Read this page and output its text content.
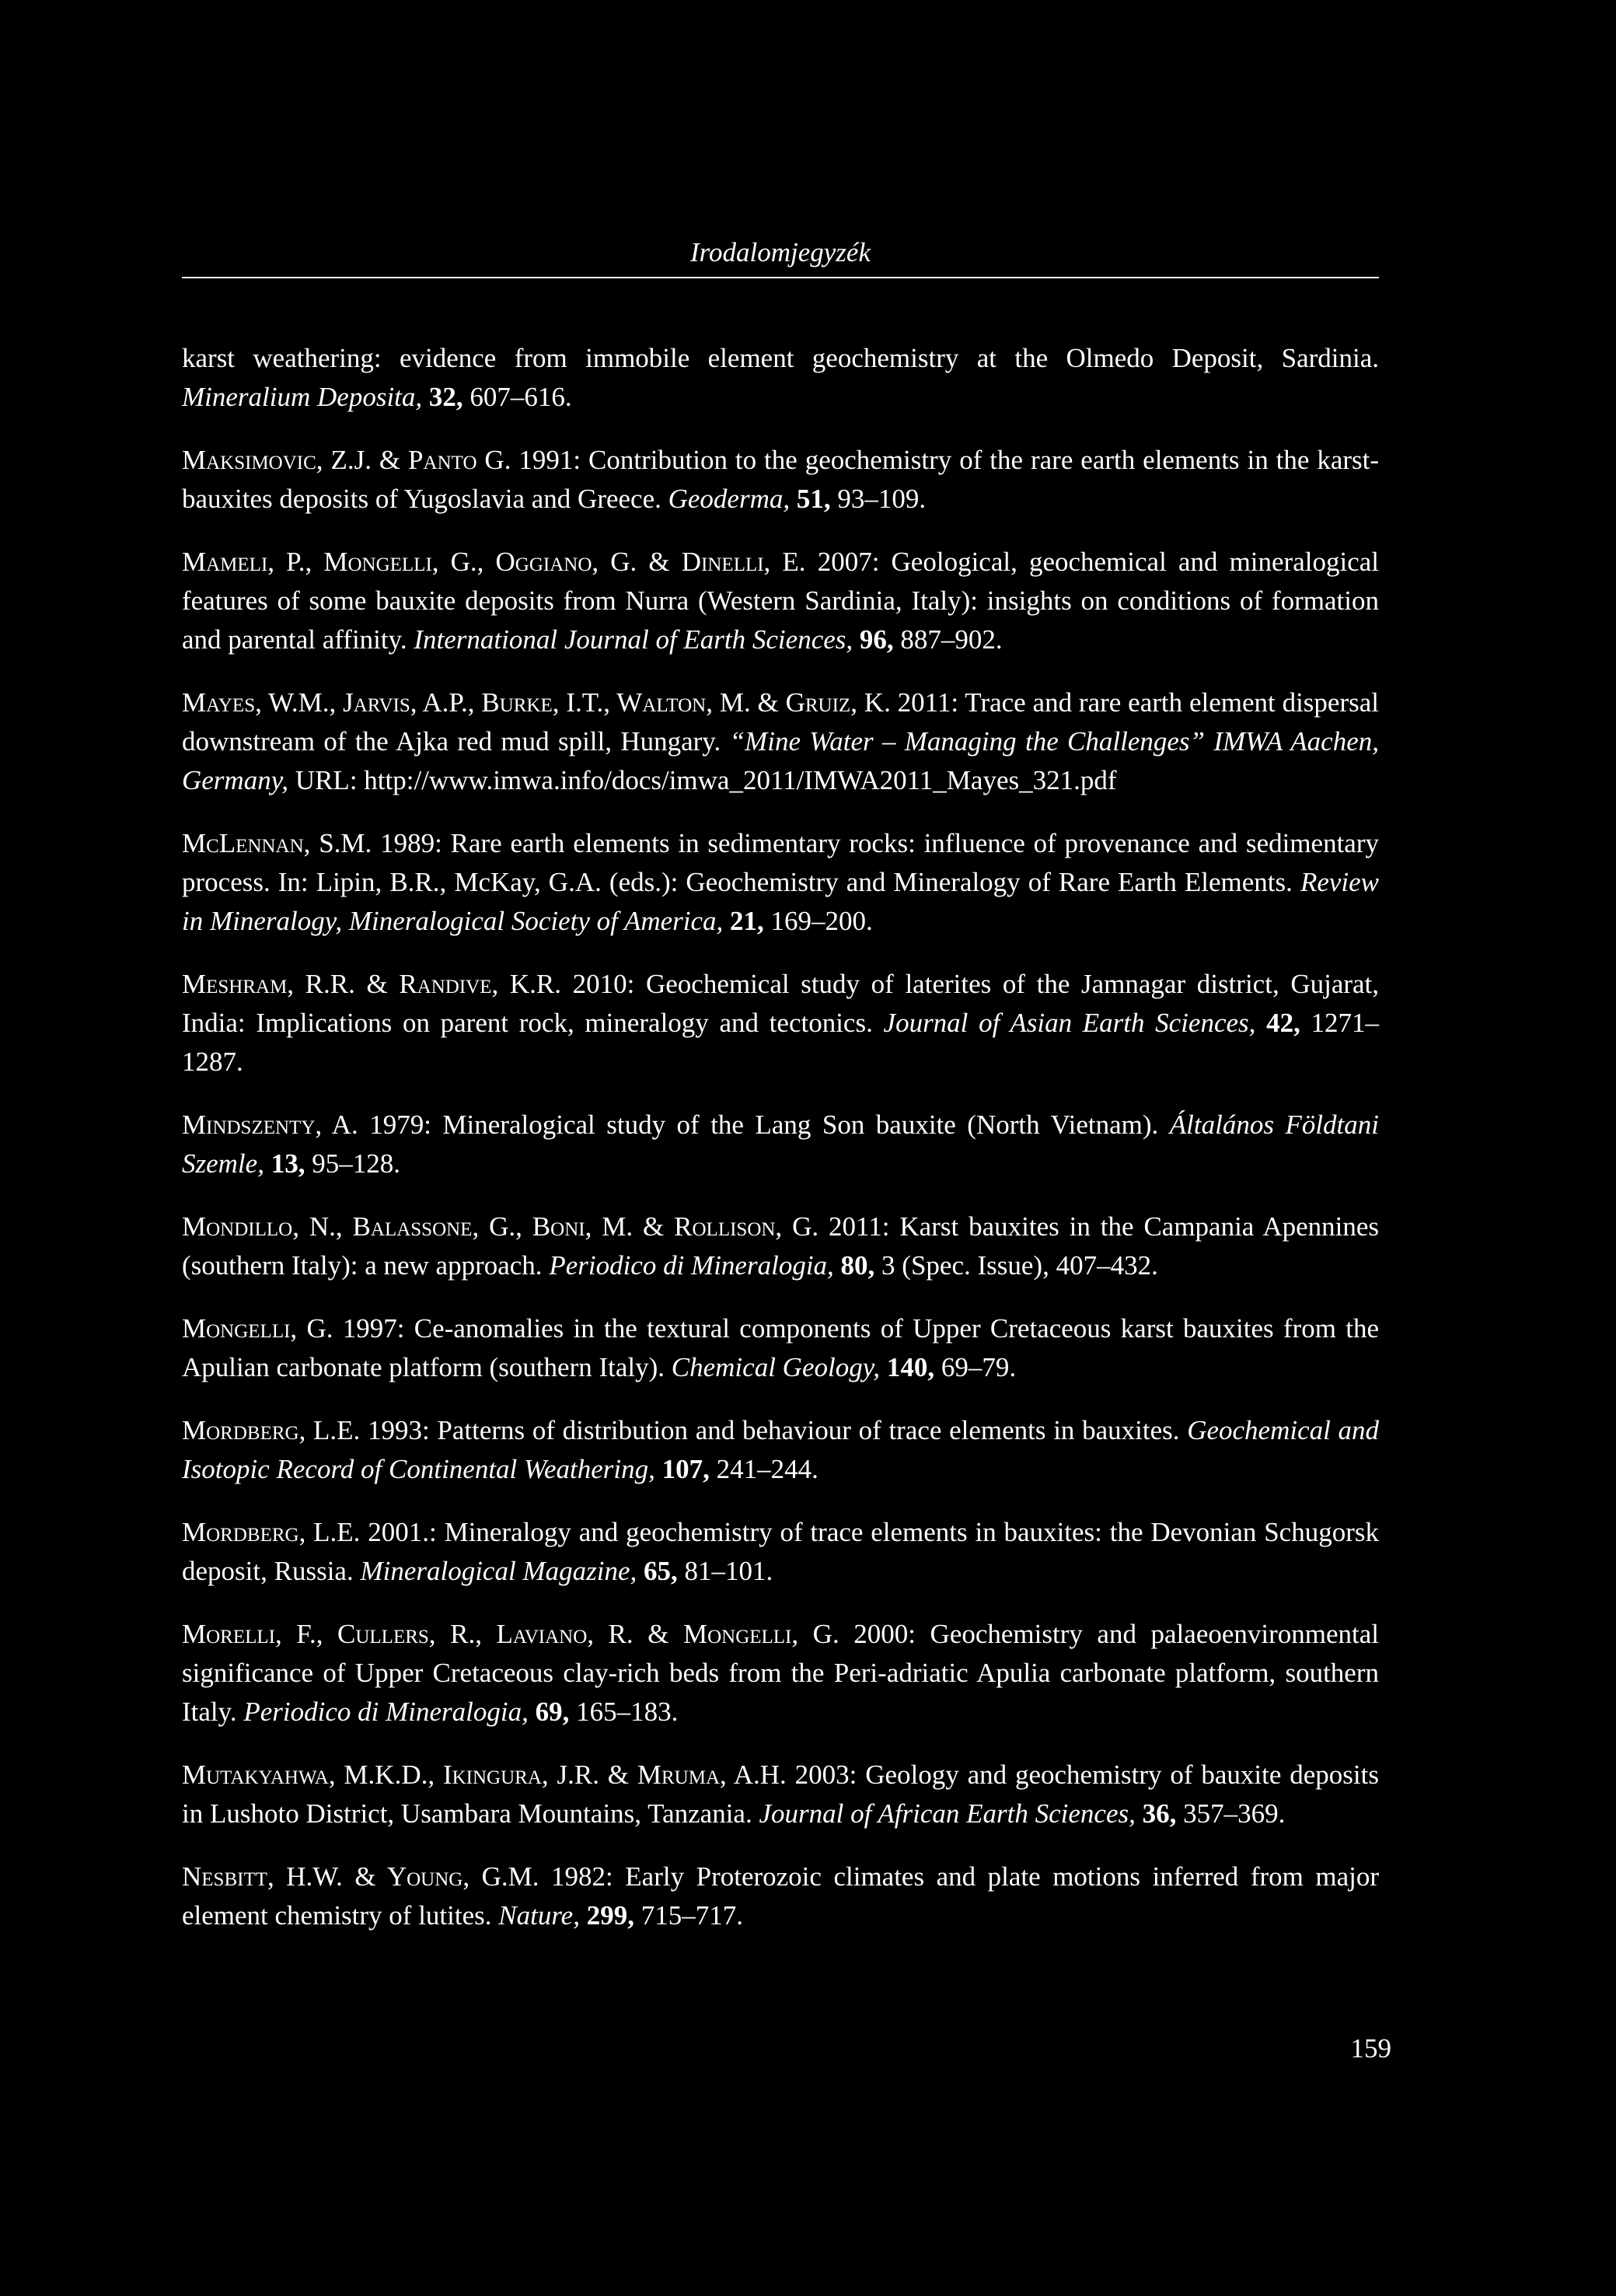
Irodalomjegyzék

karst weathering: evidence from immobile element geochemistry at the Olmedo Deposit, Sardinia. Mineralium Deposita, 32, 607–616.

Maksimovic, Z.J. & Panto G. 1991: Contribution to the geochemistry of the rare earth elements in the karst-bauxites deposits of Yugoslavia and Greece. Geoderma, 51, 93–109.

Mameli, P., Mongelli, G., Oggiano, G. & Dinelli, E. 2007: Geological, geochemical and mineralogical features of some bauxite deposits from Nurra (Western Sardinia, Italy): insights on conditions of formation and parental affinity. International Journal of Earth Sciences, 96, 887–902.

Mayes, W.M., Jarvis, A.P., Burke, I.T., Walton, M. & Gruiz, K. 2011: Trace and rare earth element dispersal downstream of the Ajka red mud spill, Hungary. “Mine Water – Managing the Challenges” IMWA Aachen, Germany, URL: http://www.imwa.info/docs/imwa_2011/IMWA2011_Mayes_321.pdf

McLennan, S.M. 1989: Rare earth elements in sedimentary rocks: influence of provenance and sedimentary process. In: Lipin, B.R., McKay, G.A. (eds.): Geochemistry and Mineralogy of Rare Earth Elements. Review in Mineralogy, Mineralogical Society of America, 21, 169–200.

Meshram, R.R. & Randive, K.R. 2010: Geochemical study of laterites of the Jamnagar district, Gujarat, India: Implications on parent rock, mineralogy and tectonics. Journal of Asian Earth Sciences, 42, 1271–1287.

Mindszenty, A. 1979: Mineralogical study of the Lang Son bauxite (North Vietnam). Általános Földtani Szemle, 13, 95–128.

Mondillo, N., Balassone, G., Boni, M. & Rollison, G. 2011: Karst bauxites in the Campania Apennines (southern Italy): a new approach. Periodico di Mineralogia, 80, 3 (Spec. Issue), 407–432.

Mongelli, G. 1997: Ce-anomalies in the textural components of Upper Cretaceous karst bauxites from the Apulian carbonate platform (southern Italy). Chemical Geology, 140, 69–79.

Mordberg, L.E. 1993: Patterns of distribution and behaviour of trace elements in bauxites. Geochemical and Isotopic Record of Continental Weathering, 107, 241–244.

Mordberg, L.E. 2001.: Mineralogy and geochemistry of trace elements in bauxites: the Devonian Schugorsk deposit, Russia. Mineralogical Magazine, 65, 81–101.

Morelli, F., Cullers, R., Laviano, R. & Mongelli, G. 2000: Geochemistry and palaeoenvironmental significance of Upper Cretaceous clay-rich beds from the Peri-adriatic Apulia carbonate platform, southern Italy. Periodico di Mineralogia, 69, 165–183.

Mutakyahwa, M.K.D., Ikingura, J.R. & Mruma, A.H. 2003: Geology and geochemistry of bauxite deposits in Lushoto District, Usambara Mountains, Tanzania. Journal of African Earth Sciences, 36, 357–369.

Nesbitt, H.W. & Young, G.M. 1982: Early Proterozoic climates and plate motions inferred from major element chemistry of lutites. Nature, 299, 715–717.

159
